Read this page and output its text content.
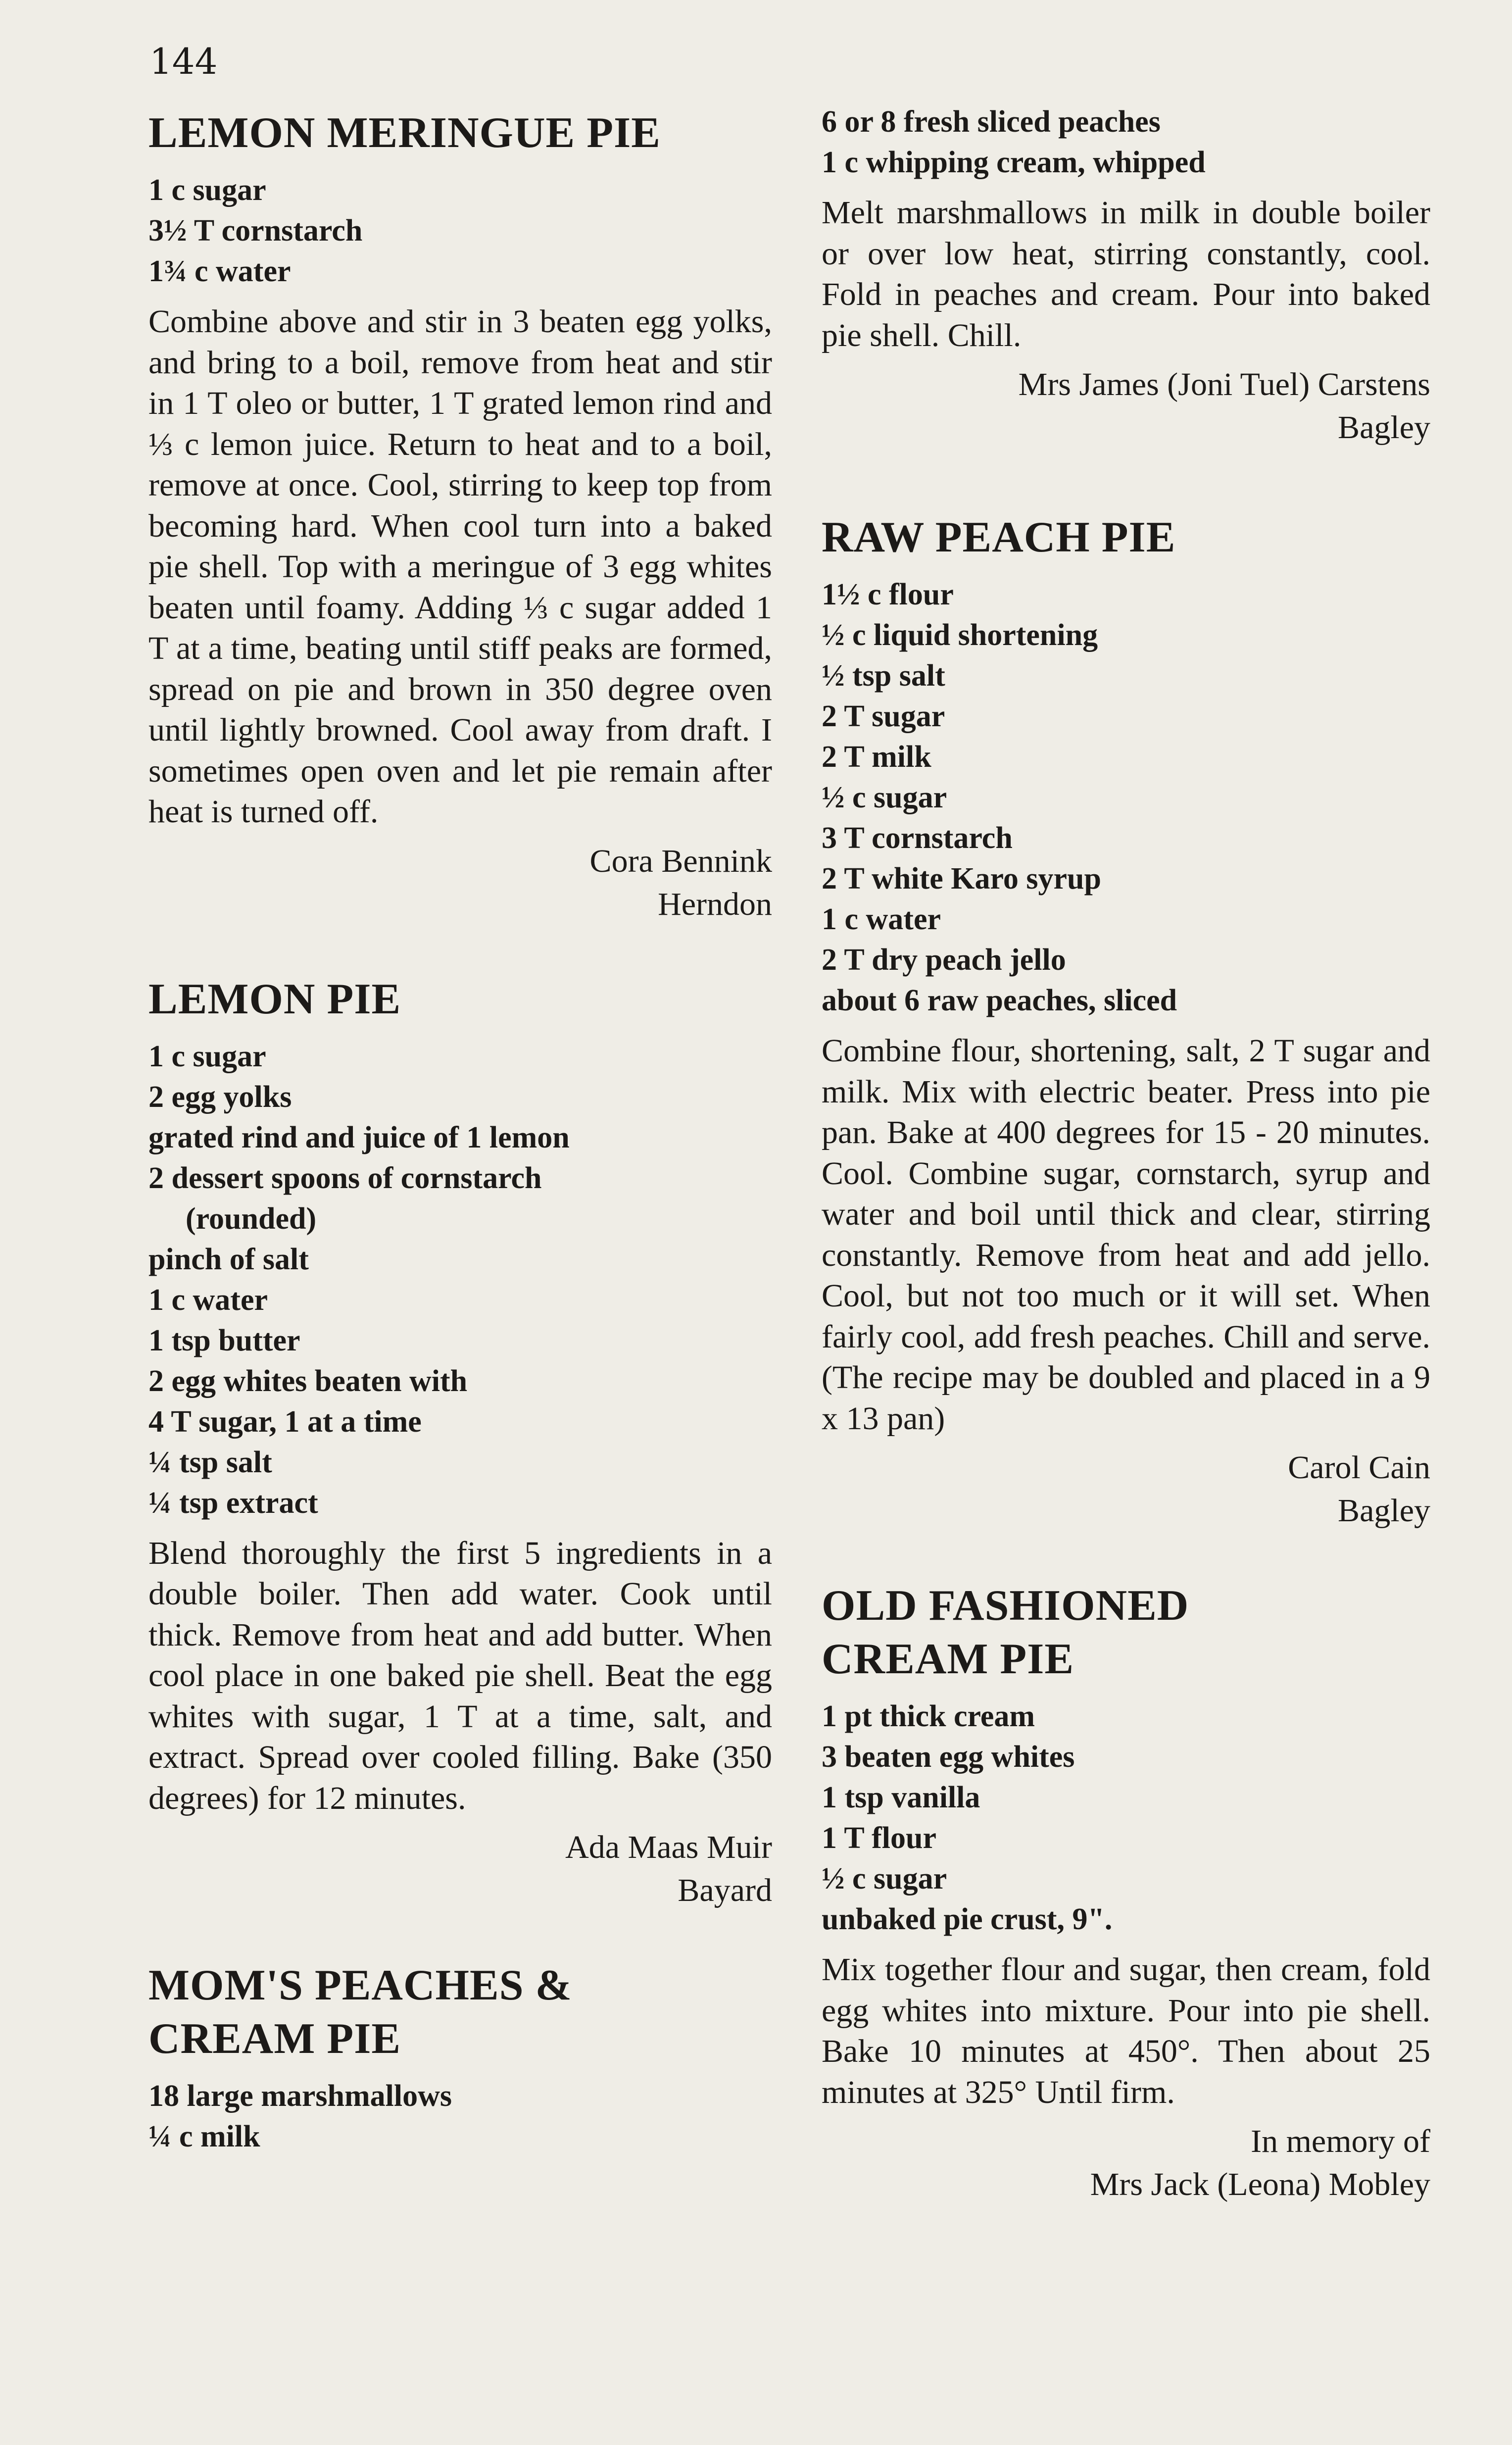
144
LEMON MERINGUE PIE
1 c sugar
3½ T cornstarch
1¾ c water

Combine above and stir in 3 beaten egg yolks, and bring to a boil, remove from heat and stir in 1 T oleo or butter, 1 T grated lemon rind and ⅓ c lemon juice. Return to heat and to a boil, remove at once. Cool, stirring to keep top from becoming hard. When cool turn into a baked pie shell. Top with a meringue of 3 egg whites beaten until foamy. Adding ⅓ c sugar added 1 T at a time, beating until stiff peaks are formed, spread on pie and brown in 350 degree oven until lightly browned. Cool away from draft. I sometimes open oven and let pie remain after heat is turned off.

Cora Bennink
Herndon
LEMON PIE
1 c sugar
2 egg yolks
grated rind and juice of 1 lemon
2 dessert spoons of cornstarch
(rounded)
pinch of salt
1 c water
1 tsp butter
2 egg whites beaten with
4 T sugar, 1 at a time
¼ tsp salt
¼ tsp extract

Blend thoroughly the first 5 ingredients in a double boiler. Then add water. Cook until thick. Remove from heat and add butter. When cool place in one baked pie shell. Beat the egg whites with sugar, 1 T at a time, salt, and extract. Spread over cooled filling. Bake (350 degrees) for 12 minutes.

Ada Maas Muir
Bayard
MOM'S PEACHES &
CREAM PIE
18 large marshmallows
¼ c milk
6 or 8 fresh sliced peaches
1 c whipping cream, whipped

Melt marshmallows in milk in double boiler or over low heat, stirring constantly, cool. Fold in peaches and cream. Pour into baked pie shell. Chill.

Mrs James (Joni Tuel) Carstens
Bagley
RAW PEACH PIE
1½ c flour
½ c liquid shortening
½ tsp salt
2 T sugar
2 T milk
½ c sugar
3 T cornstarch
2 T white Karo syrup
1 c water
2 T dry peach jello
about 6 raw peaches, sliced

Combine flour, shortening, salt, 2 T sugar and milk. Mix with electric beater. Press into pie pan. Bake at 400 degrees for 15 - 20 minutes. Cool. Combine sugar, cornstarch, syrup and water and boil until thick and clear, stirring constantly. Remove from heat and add jello. Cool, but not too much or it will set. When fairly cool, add fresh peaches. Chill and serve. (The recipe may be doubled and placed in a 9 x 13 pan)

Carol Cain
Bagley
OLD FASHIONED
CREAM PIE
1 pt thick cream
3 beaten egg whites
1 tsp vanilla
1 T flour
½ c sugar
unbaked pie crust, 9".

Mix together flour and sugar, then cream, fold egg whites into mixture. Pour into pie shell. Bake 10 minutes at 450°. Then about 25 minutes at 325° Until firm.

In memory of
Mrs Jack (Leona) Mobley
